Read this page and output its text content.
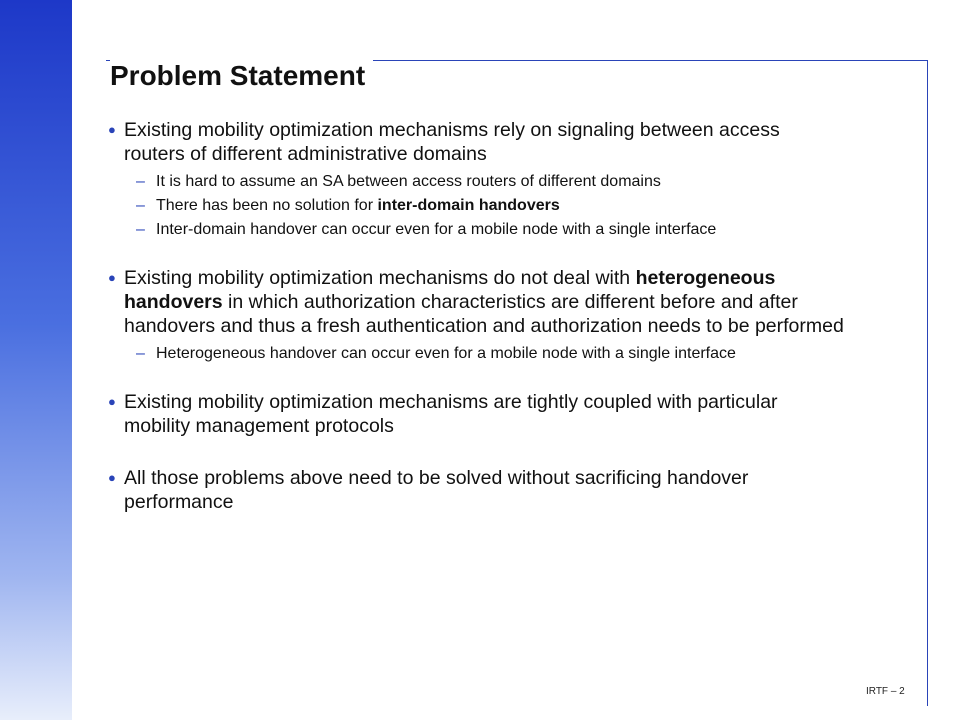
Problem Statement
● Existing mobility optimization mechanisms rely on signaling between access routers of different administrative domains
– It is hard to assume an SA between access routers of different domains
– There has been no solution for inter-domain handovers
– Inter-domain handover can occur even for a mobile node with a single interface
● Existing mobility optimization mechanisms do not deal with heterogeneous handovers in which authorization characteristics are different before and after handovers and thus a fresh authentication and authorization needs to be performed
– Heterogeneous handover can occur even for a mobile node with a single interface
● Existing mobility optimization mechanisms are tightly coupled with particular mobility management protocols
● All those problems above need to be solved without sacrificing handover performance
IRTF – 2
